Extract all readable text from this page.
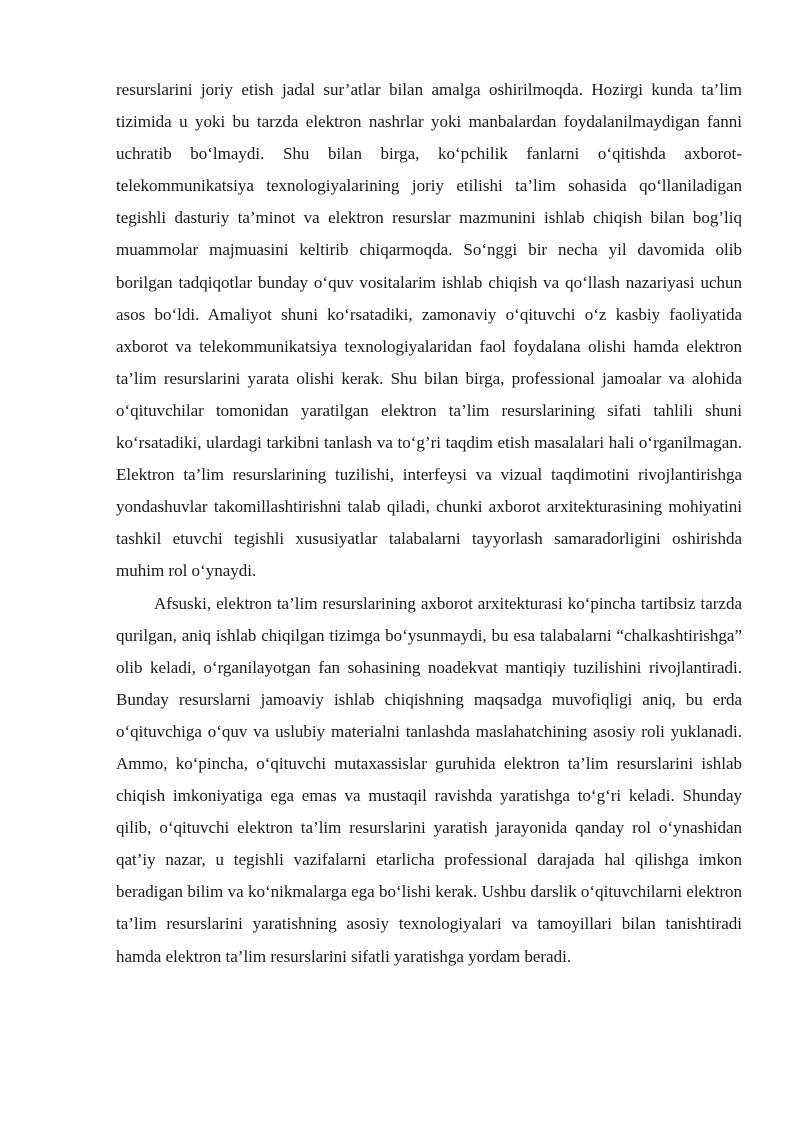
resurslarini joriy etish jadal sur’atlar bilan amalga oshirilmoqda. Hozirgi kunda ta’lim tizimida u yoki bu tarzda elektron nashrlar yoki manbalardan foydalanilmaydigan fanni uchratib bo‘lmaydi. Shu bilan birga, ko‘pchilik fanlarni o‘qitishda axborot-telekommunikatsiya texnologiyalarining joriy etilishi ta’lim sohasida qo‘llaniladigan tegishli dasturiy ta’minot va elektron resurslar mazmunini ishlab chiqish bilan bog’liq muammolar majmuasini keltirib chiqarmoqda. So‘nggi bir necha yil davomida olib borilgan tadqiqotlar bunday o‘quv vositalarim ishlab chiqish va qo‘llash nazariyasi uchun asos bo‘ldi. Amaliyot shuni ko‘rsatadiki, zamonaviy o‘qituvchi o‘z kasbiy faoliyatida axborot va telekommunikatsiya texnologiyalaridan faol foydalana olishi hamda elektron ta’lim resurslarini yarata olishi kerak. Shu bilan birga, professional jamoalar va alohida o‘qituvchilar tomonidan yaratilgan elektron ta’lim resurslarining sifati tahlili shuni ko‘rsatadiki, ulardagi tarkibni tanlash va to‘g’ri taqdim etish masalalari hali o‘rganilmagan. Elektron ta’lim resurslarining tuzilishi, interfeysi va vizual taqdimotini rivojlantirishga yondashuvlar takomillashtirishni talab qiladi, chunki axborot arxitekturasining mohiyatini tashkil etuvchi tegishli xususiyatlar talabalarni tayyorlash samaradorligini oshirishda muhim rol o‘ynaydi.

Afsuski, elektron ta’lim resurslarining axborot arxitekturasi ko‘pincha tartibsiz tarzda qurilgan, aniq ishlab chiqilgan tizimga bo‘ysunmaydi, bu esa talabalarni “chalkashtirishga” olib keladi, o‘rganilayotgan fan sohasining noadekvat mantiqiy tuzilishini rivojlantiradi. Bunday resurslarni jamoaviy ishlab chiqishning maqsadga muvofiqligi aniq, bu erda o‘qituvchiga o‘quv va uslubiy materialni tanlashda maslahatchining asosiy roli yuklanadi. Ammo, ko‘pincha, o‘qituvchi mutaxassislar guruhida elektron ta’lim resurslarini ishlab chiqish imkoniyatiga ega emas va mustaqil ravishda yaratishga to‘g‘ri keladi. Shunday qilib, o‘qituvchi elektron ta’lim resurslarini yaratish jarayonida qanday rol o‘ynashidan qat’iy nazar, u tegishli vazifalarni etarlicha professional darajada hal qilishga imkon beradigan bilim va ko‘nikmalarga ega bo‘lishi kerak. Ushbu darslik o‘qituvchilarni elektron ta’lim resurslarini yaratishning asosiy texnologiyalari va tamoyillari bilan tanishtiradi hamda elektron ta’lim resurslarini sifatli yaratishga yordam beradi.
